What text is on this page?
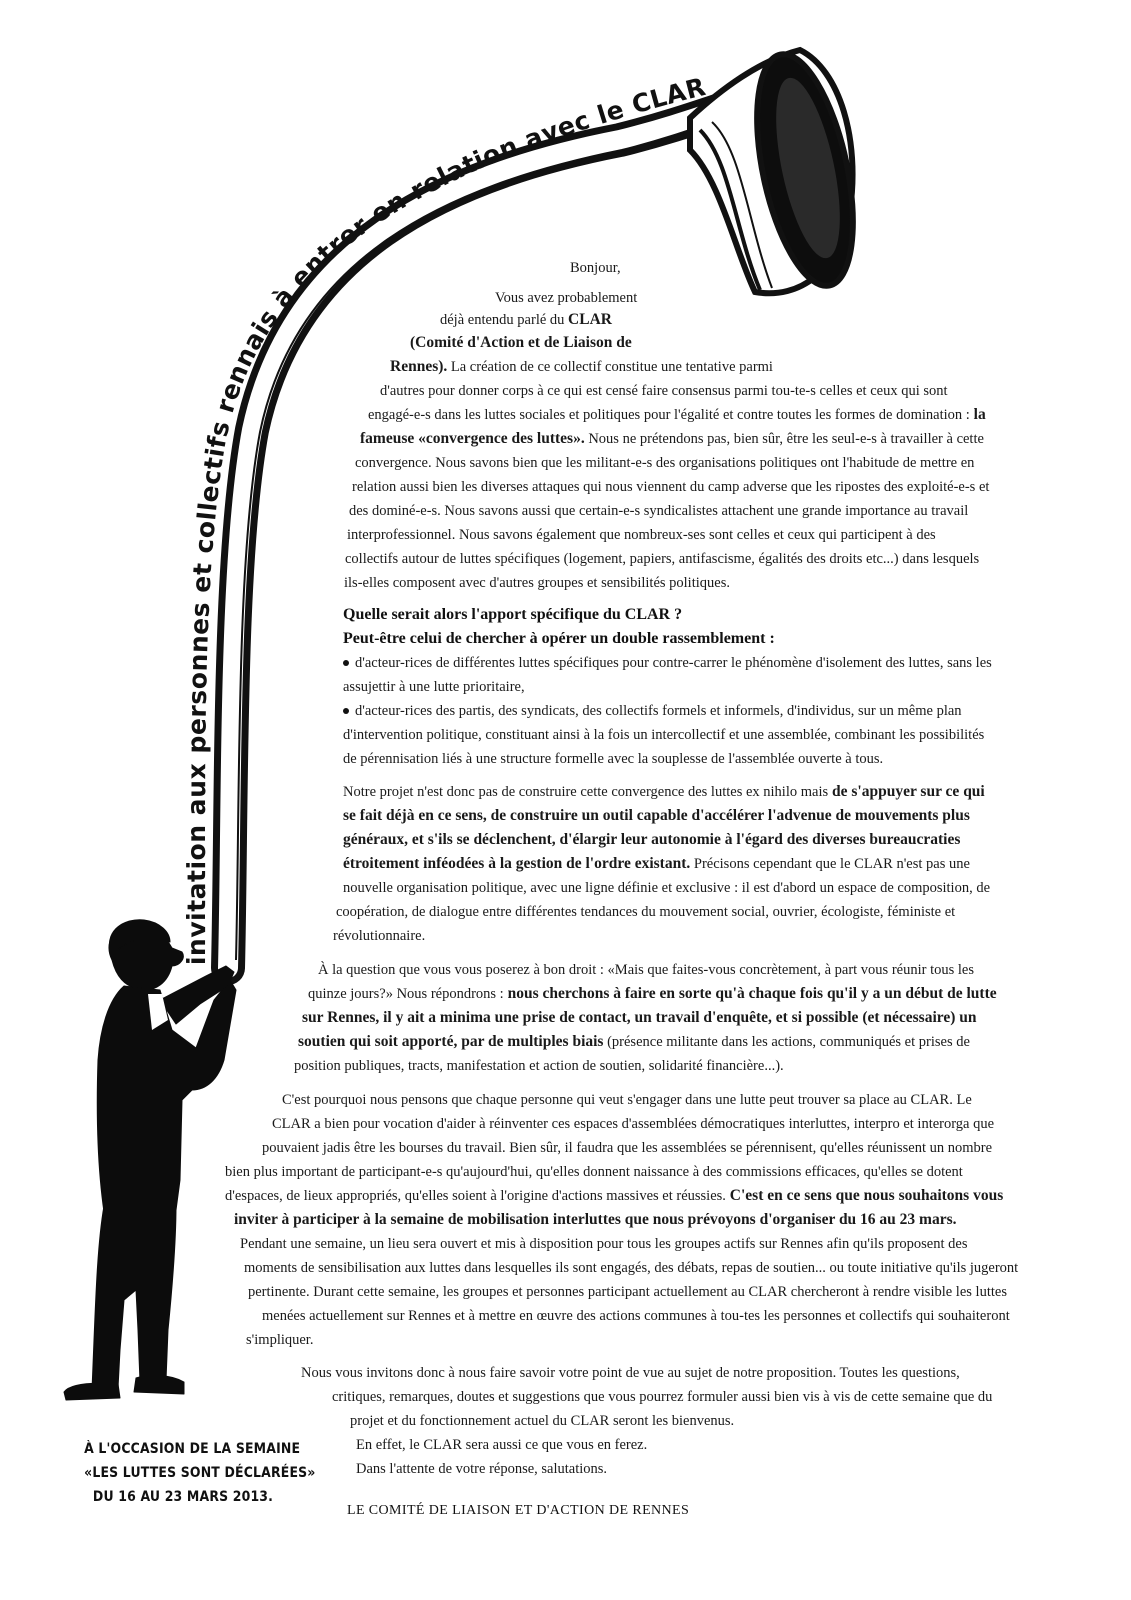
invitation aux personnes et collectifs rennais à entrer en relation avec le CLAR
Bonjour,
Vous avez probablement
déjà entendu parlé du CLAR
(Comité d'Action et de Liaison de
Rennes). La création de ce collectif constitue une tentative parmi
d'autres pour donner corps à ce qui est censé faire consensus parmi tou-te-s celles et ceux qui sont
engagé-e-s dans les luttes sociales et politiques pour l'égalité et contre toutes les formes de domination : la
fameuse «convergence des luttes». Nous ne prétendons pas, bien sûr, être les seul-e-s à travailler à cette
convergence. Nous savons bien que les militant-e-s des organisations politiques ont l'habitude de mettre en
relation aussi bien les diverses attaques qui nous viennent du camp adverse que les ripostes des exploité-e-s et
des dominé-e-s. Nous savons aussi que certain-e-s syndicalistes attachent une grande importance au travail
interprofessionnel. Nous savons également que nombreux-ses sont celles et ceux qui participent à des
collectifs autour de luttes spécifiques (logement, papiers, antifascisme, égalités des droits etc...) dans lesquels
ils-elles composent avec d'autres groupes et sensibilités politiques.
Quelle serait alors l'apport spécifique du CLAR ?
Peut-être celui de chercher à opérer un double rassemblement :
d'acteur-rices de différentes luttes spécifiques pour contre-carrer le phénomène d'isolement des luttes, sans les
assujettir à une lutte prioritaire,
d'acteur-rices des partis, des syndicats, des collectifs formels et informels, d'individus, sur un même plan
d'intervention politique, constituant ainsi à la fois un intercollectif et une assemblée, combinant les possibilités
de pérennisation liés à une structure formelle avec la souplesse de l'assemblée ouverte à tous.
Notre projet n'est donc pas de construire cette convergence des luttes ex nihilo mais de s'appuyer sur ce qui
se fait déjà en ce sens, de construire un outil capable d'accélérer l'advenue de mouvements plus
généraux, et s'ils se déclenchent, d'élargir leur autonomie à l'égard des diverses bureaucraties
étroitement inféodées à la gestion de l'ordre existant. Précisons cependant que le CLAR n'est pas une
nouvelle organisation politique, avec une ligne définie et exclusive : il est d'abord un espace de composition, de
coopération, de dialogue entre différentes tendances du mouvement social, ouvrier, écologiste, féministe et
révolutionnaire.
À la question que vous vous poserez à bon droit : «Mais que faites-vous concrètement, à part vous réunir tous les
quinze jours?» Nous répondrons : nous cherchons à faire en sorte qu'à chaque fois qu'il y a un début de lutte
sur Rennes, il y ait a minima une prise de contact, un travail d'enquête, et si possible (et nécessaire) un
soutien qui soit apporté, par de multiples biais (présence militante dans les actions, communiqués et prises de
position publiques, tracts, manifestation et action de soutien, solidarité financière...).
C'est pourquoi nous pensons que chaque personne qui veut s'engager dans une lutte peut trouver sa place au CLAR. Le
CLAR a bien pour vocation d'aider à réinventer ces espaces d'assemblées démocratiques interluttes, interpro et interorga que
pouvaient jadis être les bourses du travail. Bien sûr, il faudra que les assemblées se pérennisent, qu'elles réunissent un nombre
bien plus important de participant-e-s qu'aujourd'hui, qu'elles donnent naissance à des commissions efficaces, qu'elles se dotent
d'espaces, de lieux appropriés, qu'elles soient à l'origine d'actions massives et réussies. C'est en ce sens que nous souhaitons vous
inviter à participer à la semaine de mobilisation interluttes que nous prévoyons d'organiser du 16 au 23 mars.
Pendant une semaine, un lieu sera ouvert et mis à disposition pour tous les groupes actifs sur Rennes afin qu'ils proposent des
moments de sensibilisation aux luttes dans lesquelles ils sont engagés, des débats, repas de soutien... ou toute initiative qu'ils jugeront
pertinente. Durant cette semaine, les groupes et personnes participant actuellement au CLAR chercheront à rendre visible les luttes
menées actuellement sur Rennes et à mettre en œuvre des actions communes à tou-tes les personnes et collectifs qui souhaiteront
s'impliquer.
Nous vous invitons donc à nous faire savoir votre point de vue au sujet de notre proposition. Toutes les questions,
critiques, remarques, doutes et suggestions que vous pourrez formuler aussi bien vis à vis de cette semaine que du
projet et du fonctionnement actuel du CLAR seront les bienvenus.
En effet, le CLAR sera aussi ce que vous en ferez.
Dans l'attente de votre réponse, salutations.
À L'OCCASION DE LA SEMAINE
«LES LUTTES SONT DÉCLARÉES»
DU 16 AU 23 MARS 2013.
LE COMITÉ DE LIAISON ET D'ACTION DE RENNES
